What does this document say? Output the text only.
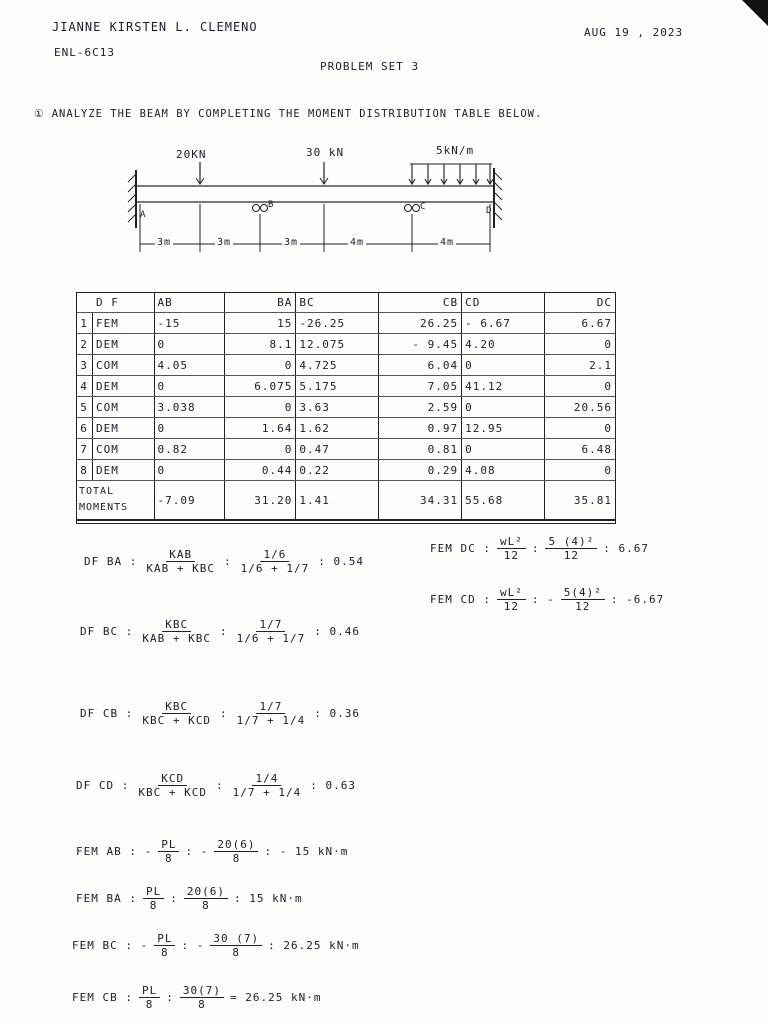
JIANNE KIRSTEN L. CLEMENO
ENL-6C13
AUG 19 , 2023
PROBLEM SET 3
① ANALYZE THE BEAM BY COMPLETING THE MOMENT DISTRIBUTION TABLE BELOW.
20KN	30 kN	5kN/m
A
B	C	D
3m	3m	3m	4m	4m
D F		AB	BA	BC	CB	CD	DC
1	FEM	-15	15	-26.25	26.25	- 6.67	6.67
2	DEM	0	8.1	12.075	- 9.45	4.20	0
3	COM	4.05	0	4.725	6.04	0	2.1
4	DEM	0	6.075	5.175	7.05	41.12	0
5	COM	3.038	0	3.63	2.59	0	20.56
6	DEM	0	1.64	1.62	0.97	12.95	0
7	COM	0.82	0	0.47	0.81	0	6.48
8	DEM	0	0.44	0.22	0.29	4.08	0

TOTAL
MOMENTS		-7.09	31.20	1.41	34.31	55.68	35.81
DF BA : $\frac{\text{KAB}}{\text{KAB + KBC}}$ : $\frac{1/6}{1/6 + 1/7}$ : 0.54
DF BC : $\frac{\text{KBC}}{\text{KAB + KBC}}$ : $\frac{1/7}{1/6 + 1/7}$ : 0.46
DF CB : $\frac{\text{KBC}}{\text{KBC + KCD}}$ : $\frac{1/7}{1/7 + 1/4}$ : 0.36
DF CD : $\frac{\text{KCD}}{\text{KBC + KCD}}$ : $\frac{1/4}{1/7 + 1/4}$ : 0.63
FEM AB : - $\frac{PL}{8}$ : - $\frac{20(6)}{8}$ : - 15 kN·m
FEM BA : $\frac{PL}{8}$ : $\frac{20(6)}{8}$ : 15 kN·m
FEM BC : - $\frac{PL}{8}$ : - $\frac{30 (7)}{8}$ : 26.25 kN·m
FEM CB : $\frac{PL}{8}$ : $\frac{30(7)}{8} = 26.25$ kN·m
FEM DC : $\frac{\text{wL²}}{12}$ : $\frac{\text{5 (4)²}}{12}$ : 6.67
FEM CD : $\frac{\text{wL²}}{12}$ : - $\frac{\text{5(4)²}}{12}$ : -6.67
